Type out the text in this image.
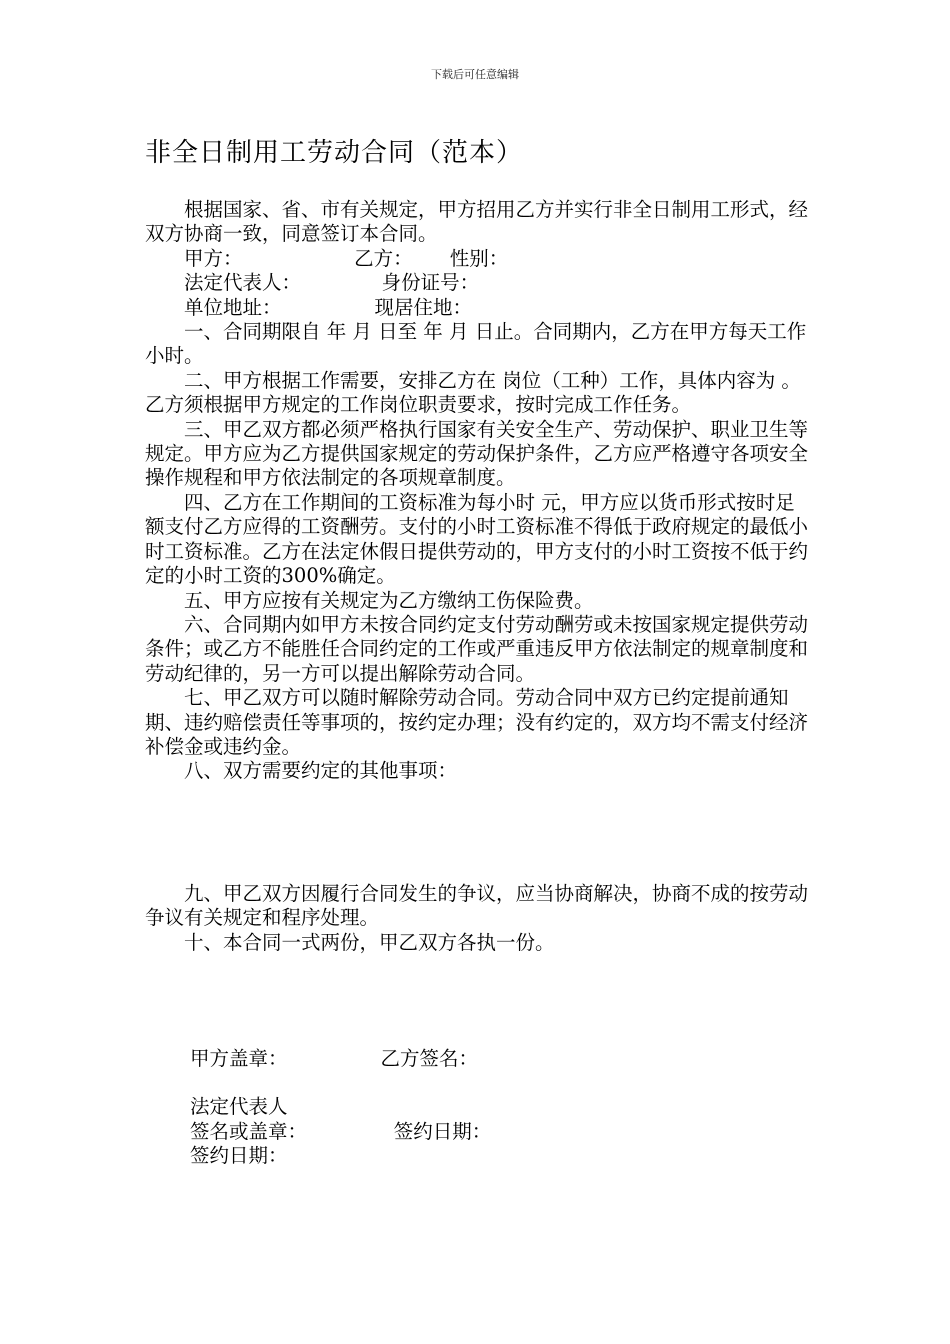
下载后可任意编辑
非全日制用工劳动合同（范本）

根据国家、省、市有关规定，甲方招用乙方并实行非全日制用工形式，经双方协商一致，同意签订本合同。

甲方：                  乙方：      性别：

法定代表人：             身份证号：

单位地址：               现居住地：

一、合同期限自 年 月 日至 年 月 日止。合同期内，乙方在甲方每天工作 小时。

二、甲方根据工作需要，安排乙方在 岗位（工种）工作，具体内容为 。乙方须根据甲方规定的工作岗位职责要求，按时完成工作任务。

三、甲乙双方都必须严格执行国家有关安全生产、劳动保护、职业卫生等规定。甲方应为乙方提供国家规定的劳动保护条件，乙方应严格遵守各项安全操作规程和甲方依法制定的各项规章制度。

四、乙方在工作期间的工资标准为每小时 元，甲方应以货币形式按时足额支付乙方应得的工资酬劳。支付的小时工资标准不得低于政府规定的最低小时工资标准。乙方在法定休假日提供劳动的，甲方支付的小时工资按不低于约定的小时工资的300%确定。

五、甲方应按有关规定为乙方缴纳工伤保险费。

六、合同期内如甲方未按合同约定支付劳动酬劳或未按国家规定提供劳动条件；或乙方不能胜任合同约定的工作或严重违反甲方依法制定的规章制度和劳动纪律的，另一方可以提出解除劳动合同。

七、甲乙双方可以随时解除劳动合同。劳动合同中双方已约定提前通知期、违约赔偿责任等事项的，按约定办理；没有约定的，双方均不需支付经济补偿金或违约金。

八、双方需要约定的其他事项：

九、甲乙双方因履行合同发生的争议，应当协商解决，协商不成的按劳动争议有关规定和程序处理。

十、本合同一式两份，甲乙双方各执一份。

甲方盖章：               乙方签名：

法定代表人

签名或盖章：              签约日期：

签约日期：
